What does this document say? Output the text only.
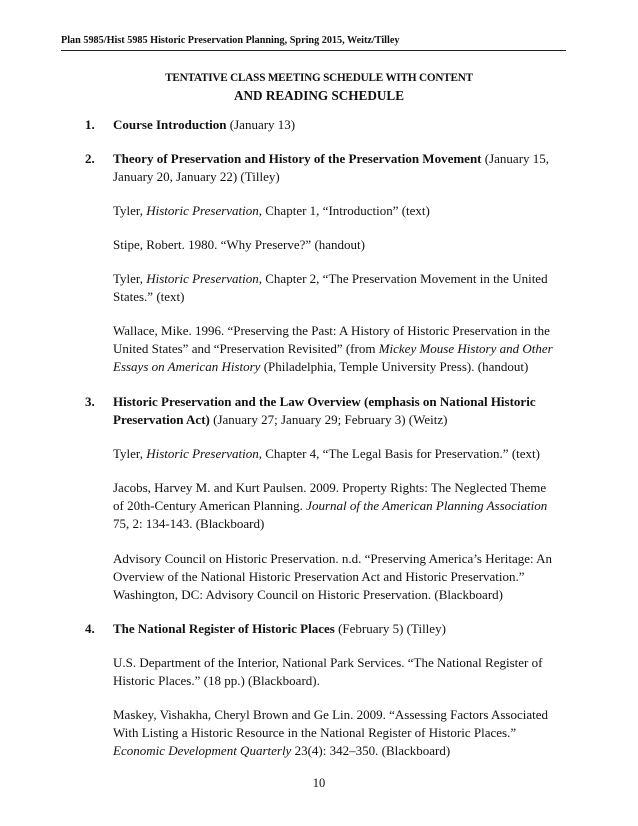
Plan 5985/Hist 5985 Historic Preservation Planning, Spring 2015, Weitz/Tilley
TENTATIVE CLASS MEETING SCHEDULE WITH CONTENT
AND READING SCHEDULE
1. Course Introduction (January 13)
2. Theory of Preservation and History of the Preservation Movement (January 15, January 20, January 22) (Tilley)
Tyler, Historic Preservation, Chapter 1, “Introduction” (text)
Stipe, Robert. 1980. “Why Preserve?” (handout)
Tyler, Historic Preservation, Chapter 2, “The Preservation Movement in the United States.” (text)
Wallace, Mike. 1996. “Preserving the Past: A History of Historic Preservation in the United States” and “Preservation Revisited” (from Mickey Mouse History and Other Essays on American History (Philadelphia, Temple University Press). (handout)
3. Historic Preservation and the Law Overview (emphasis on National Historic Preservation Act) (January 27; January 29; February 3) (Weitz)
Tyler, Historic Preservation, Chapter 4, “The Legal Basis for Preservation.” (text)
Jacobs, Harvey M. and Kurt Paulsen. 2009. Property Rights: The Neglected Theme of 20th-Century American Planning. Journal of the American Planning Association 75, 2: 134-143. (Blackboard)
Advisory Council on Historic Preservation. n.d. “Preserving America’s Heritage: An Overview of the National Historic Preservation Act and Historic Preservation.” Washington, DC: Advisory Council on Historic Preservation. (Blackboard)
4. The National Register of Historic Places (February 5) (Tilley)
U.S. Department of the Interior, National Park Services. “The National Register of Historic Places.” (18 pp.) (Blackboard).
Maskey, Vishakha, Cheryl Brown and Ge Lin. 2009. “Assessing Factors Associated With Listing a Historic Resource in the National Register of Historic Places.” Economic Development Quarterly 23(4): 342–350. (Blackboard)
10
